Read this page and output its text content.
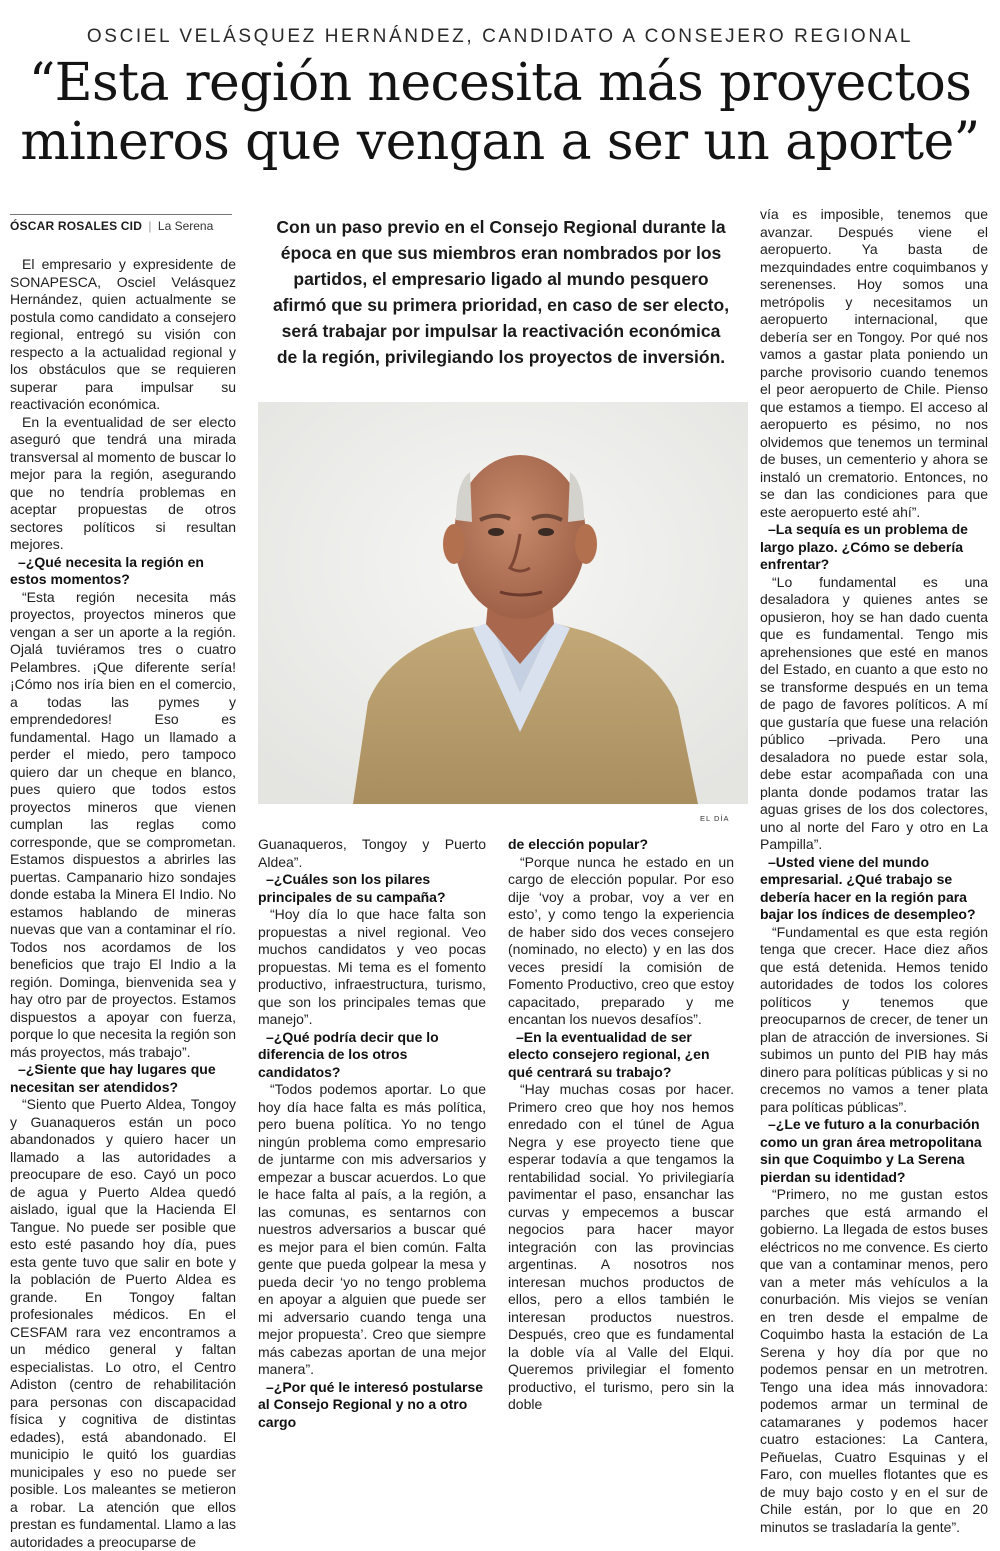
OSCIEL VELÁSQUEZ HERNÁNDEZ, CANDIDATO A CONSEJERO REGIONAL
“Esta región necesita más proyectos
mineros que vengan a ser un aporte”
ÓSCAR ROSALES CID | La Serena	Con un paso previo en el Consejo Regional durante la época en que sus miembros eran nombrados por los partidos, el empresario ligado al mundo pesquero afirmó que su primera prioridad, en caso de ser electo, será trabajar por impulsar la reactivación económica de la región, privilegiando los proyectos de inversión.

EL DÍA

El empresario y expresidente de SONAPESCA, Osciel Velásquez Hernández, quien actualmente se postula como candidato a consejero regional, entregó su visión con respecto a la actualidad regional y los obstáculos que se requieren superar para impulsar su reactivación económica.

En la eventualidad de ser electo aseguró que tendrá una mirada transversal al momento de buscar lo mejor para la región, asegurando que no tendría problemas en aceptar propuestas de otros sectores políticos si resultan mejores.

–¿Qué necesita la región en estos momentos?

“Esta región necesita más proyectos, proyectos mineros que vengan a ser un aporte a la región. Ojalá tuviéramos tres o cuatro Pelambres. ¡Que diferente sería! ¡Cómo nos iría bien en el comercio, a todas las pymes y emprendedores! Eso es fundamental. Hago un llamado a perder el miedo, pero tampoco quiero dar un cheque en blanco, pues quiero que todos estos proyectos mineros que vienen cumplan las reglas como corresponde, que se comprometan. Estamos dispuestos a abrirles las puertas. Campanario hizo sondajes donde estaba la Minera El Indio. No estamos hablando de mineras nuevas que van a contaminar el río. Todos nos acordamos de los beneficios que trajo El Indio a la región. Dominga, bienvenida sea y hay otro par de proyectos. Estamos dispuestos a apoyar con fuerza, porque lo que necesita la región son más proyectos, más trabajo”.

–¿Siente que hay lugares que necesitan ser atendidos?

“Siento que Puerto Aldea, Tongoy y Guanaqueros están un poco abandonados y quiero hacer un llamado a las autoridades a preocupare de eso. Cayó un poco de agua y Puerto Aldea quedó aislado, igual que la Hacienda El Tangue. No puede ser posible que esto esté pasando hoy día, pues esta gente tuvo que salir en bote y la población de Puerto Aldea es grande. En Tongoy faltan profesionales médicos. En el CESFAM rara vez encontramos a un médico general y faltan especialistas. Lo otro, el Centro Adiston (centro de rehabilitación para personas con discapacidad física y cognitiva de distintas edades), está abandonado. El municipio le quitó los guardias municipales y eso no puede ser posible. Los maleantes se metieron a robar. La atención que ellos prestan es fundamental. Llamo a las autoridades a preocuparse de

Guanaqueros, Tongoy y Puerto Aldea”.

–¿Cuáles son los pilares principales de su campaña?

“Hoy día lo que hace falta son propuestas a nivel regional. Veo muchos candidatos y veo pocas propuestas. Mi tema es el fomento productivo, infraestructura, turismo, que son los principales temas que manejo”.

–¿Qué podría decir que lo diferencia de los otros candidatos?

“Todos podemos aportar. Lo que hoy día hace falta es más política, pero buena política. Yo no tengo ningún problema como empresario de juntarme con mis adversarios y empezar a buscar acuerdos. Lo que le hace falta al país, a la región, a las comunas, es sentarnos con nuestros adversarios a buscar qué es mejor para el bien común. Falta gente que pueda golpear la mesa y pueda decir ‘yo no tengo problema en apoyar a alguien que puede ser mi adversario cuando tenga una mejor propuesta’. Creo que siempre más cabezas aportan de una mejor manera”.

–¿Por qué le interesó postularse al Consejo Regional y no a otro cargo

de elección popular?

“Porque nunca he estado en un cargo de elección popular. Por eso dije ‘voy a probar, voy a ver en esto’, y como tengo la experiencia de haber sido dos veces consejero (nominado, no electo) y en las dos veces presidí la comisión de Fomento Productivo, creo que estoy capacitado, preparado y me encantan los nuevos desafíos”.

–En la eventualidad de ser electo consejero regional, ¿en qué centrará su trabajo?

“Hay muchas cosas por hacer. Primero creo que hoy nos hemos enredado con el túnel de Agua Negra y ese proyecto tiene que esperar todavía a que tengamos la rentabilidad social. Yo privilegiaría pavimentar el paso, ensanchar las curvas y empecemos a buscar negocios para hacer mayor integración con las provincias argentinas. A nosotros nos interesan muchos productos de ellos, pero a ellos también le interesan productos nuestros. Después, creo que es fundamental la doble vía al Valle del Elqui. Queremos privilegiar el fomento productivo, el turismo, pero sin la doble

vía es imposible, tenemos que avanzar. Después viene el aeropuerto. Ya basta de mezquindades entre coquimbanos y serenenses. Hoy somos una metrópolis y necesitamos un aeropuerto internacional, que debería ser en Tongoy. Por qué nos vamos a gastar plata poniendo un parche provisorio cuando tenemos el peor aeropuerto de Chile. Pienso que estamos a tiempo. El acceso al aeropuerto es pésimo, no nos olvidemos que tenemos un terminal de buses, un cementerio y ahora se instaló un crematorio. Entonces, no se dan las condiciones para que este aeropuerto esté ahí”.

–La sequía es un problema de largo plazo. ¿Cómo se debería enfrentar?

“Lo fundamental es una desaladora y quienes antes se opusieron, hoy se han dado cuenta que es fundamental. Tengo mis aprehensiones que esté en manos del Estado, en cuanto a que esto no se transforme después en un tema de pago de favores políticos. A mí que gustaría que fuese una relación público –privada. Pero una desaladora no puede estar sola, debe estar acompañada con una planta donde podamos tratar las aguas grises de los dos colectores, uno al norte del Faro y otro en La Pampilla”.

–Usted viene del mundo empresarial. ¿Qué trabajo se debería hacer en la región para bajar los índices de desempleo?

“Fundamental es que esta región tenga que crecer. Hace diez años que está detenida. Hemos tenido autoridades de todos los colores políticos y tenemos que preocuparnos de crecer, de tener un plan de atracción de inversiones. Si subimos un punto del PIB hay más dinero para políticas públicas y si no crecemos no vamos a tener plata para políticas públicas”.

–¿Le ve futuro a la conurbación como un gran área metropolitana sin que Coquimbo y La Serena pierdan su identidad?

“Primero, no me gustan estos parches que está armando el gobierno. La llegada de estos buses eléctricos no me convence. Es cierto que van a contaminar menos, pero van a meter más vehículos a la conurbación. Mis viejos se venían en tren desde el empalme de Coquimbo hasta la estación de La Serena y hoy día por que no podemos pensar en un metrotren. Tengo una idea más innovadora: podemos armar un terminal de catamaranes y podemos hacer cuatro estaciones: La Cantera, Peñuelas, Cuatro Esquinas y el Faro, con muelles flotantes que es de muy bajo costo y en el sur de Chile están, por lo que en 20 minutos se trasladaría la gente”.
